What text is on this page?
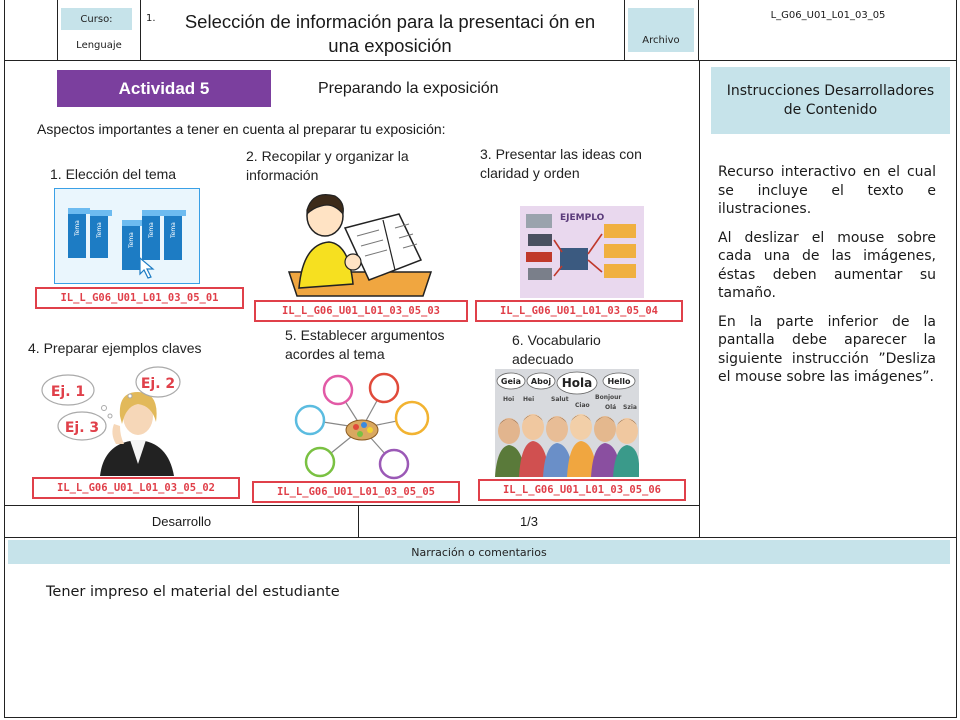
Curso:
Lenguaje
1.	Selección de información para la presentaci ón en una exposición	Archivo
L_G06_U01_L01_03_05
Actividad 5	Preparando la exposición
Aspectos importantes a tener en cuenta al preparar tu exposición:
1. Elección del tema
Tema	Tema
Tema
Tema	Tema
IL_L_G06_U01_L01_03_05_01
2. Recopilar y organizar la información
IL_L_G06_U01_L01_03_05_03
3. Presentar las ideas con claridad y orden
EJEMPLO
IL_L_G06_U01_L01_03_05_04
4. Preparar ejemplos claves
Ej. 1	Ej. 2
Ej. 3
IL_L_G06_U01_L01_03_05_02
5. Establecer argumentos acordes al tema
IL_L_G06_U01_L01_03_05_05
6. Vocabulario adecuado
Geia Aboj Hola Hello
Hoi Hei	Salut	Bonjour
Ciao	Olá Szia
IL_L_G06_U01_L01_03_05_06
Desarrollo	1/3
Instrucciones Desarrolladores de Contenido

Recurso interactivo en el cual se incluye el texto e ilustraciones.

Al deslizar el mouse sobre cada una de las imágenes, éstas deben aumentar su tamaño.

En la parte inferior de la pantalla debe aparecer la siguiente instrucción ”Desliza el mouse sobre las imágenes”.

Narración o comentarios
Tener impreso el material del estudiante
